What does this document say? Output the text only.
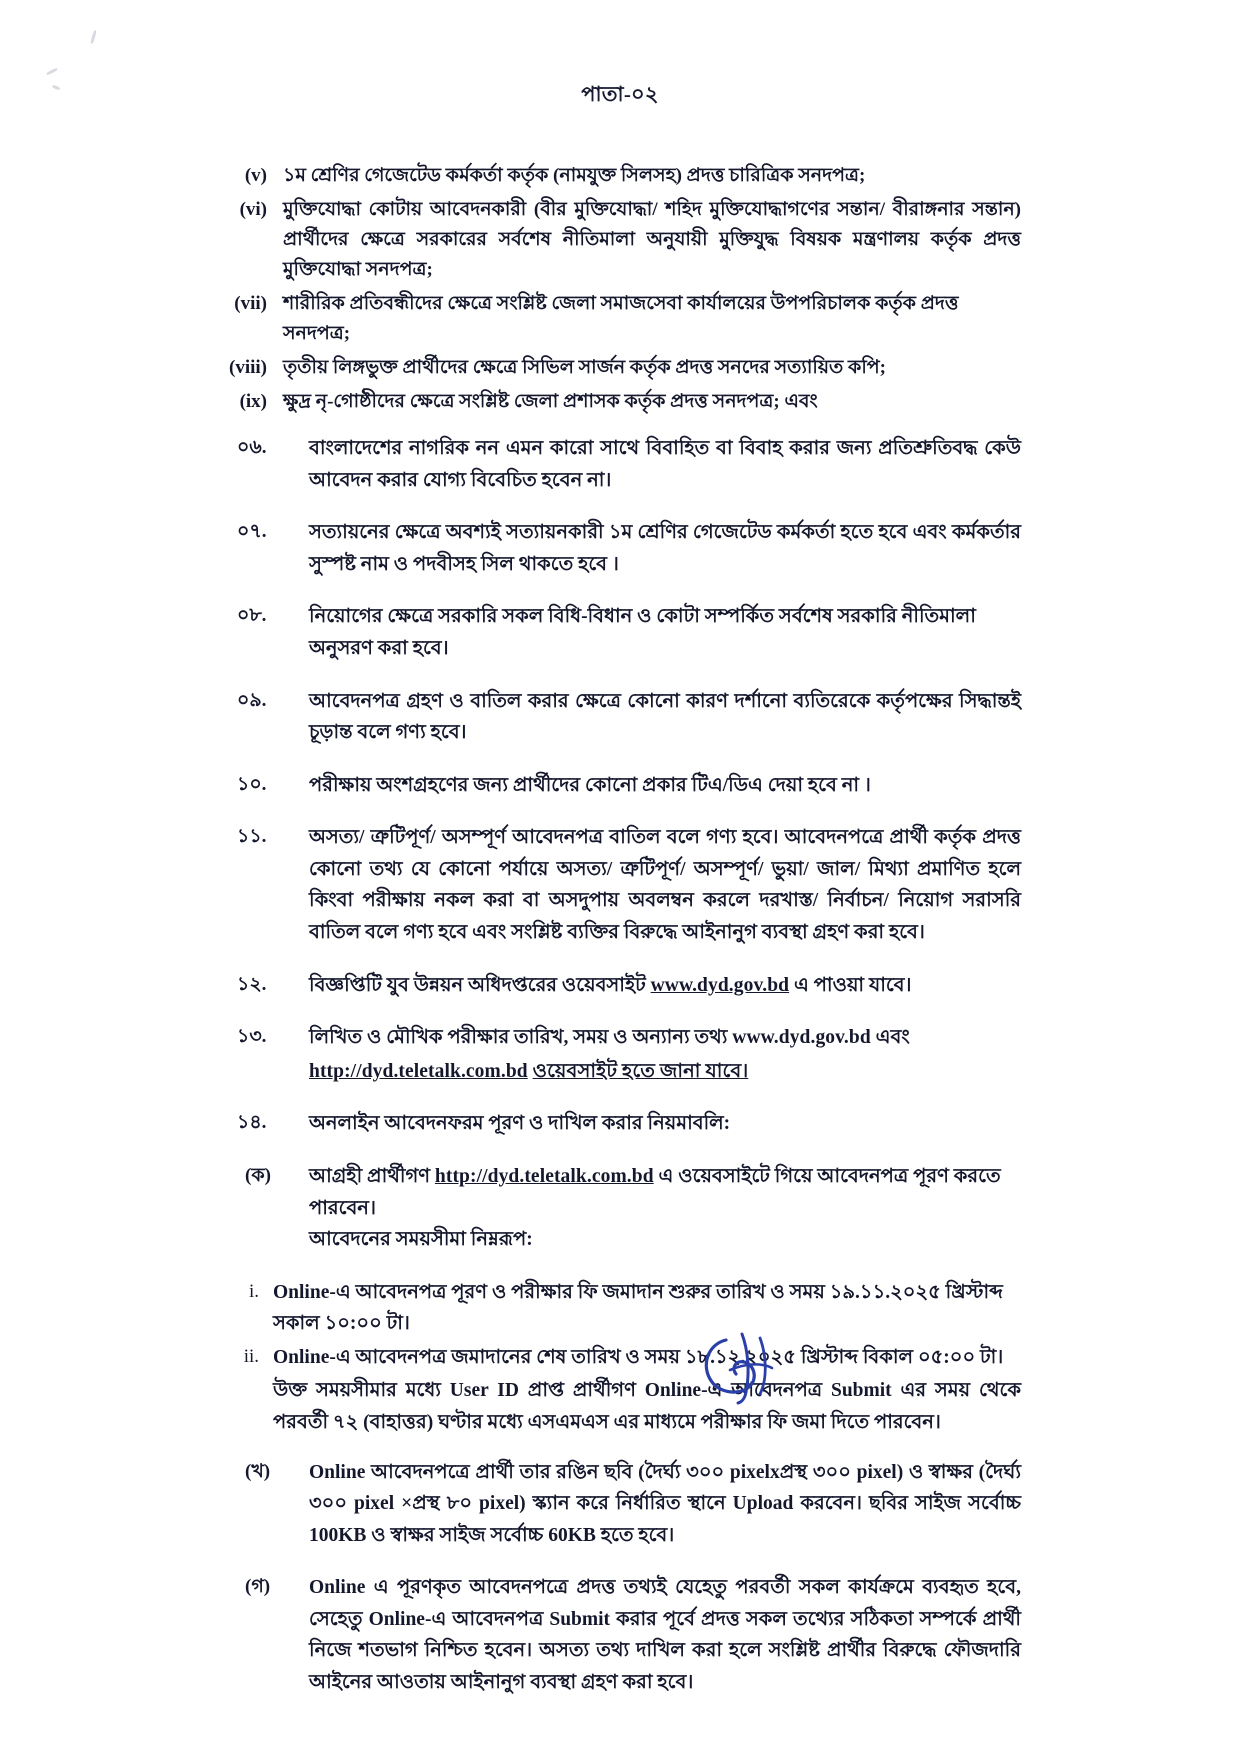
পাতা-০২
(v) ১ম শ্রেণির গেজেটেড কর্মকর্তা কর্তৃক (নামযুক্ত সিলসহ) প্রদত্ত চারিত্রিক সনদপত্র;
(vi) মুক্তিযোদ্ধা কোটায় আবেদনকারী (বীর মুক্তিযোদ্ধা/ শহিদ মুক্তিযোদ্ধাগণের সন্তান/ বীরাঙ্গনার সন্তান) প্রার্থীদের ক্ষেত্রে সরকারের সর্বশেষ নীতিমালা অনুযায়ী মুক্তিযুদ্ধ বিষয়ক মন্ত্রণালয় কর্তৃক প্রদত্ত মুক্তিযোদ্ধা সনদপত্র;
(vii) শারীরিক প্রতিবন্ধীদের ক্ষেত্রে সংশ্লিষ্ট জেলা সমাজসেবা কার্যালয়ের উপপরিচালক কর্তৃক প্রদত্ত সনদপত্র;
(viii) তৃতীয় লিঙ্গভুক্ত প্রার্থীদের ক্ষেত্রে সিভিল সার্জন কর্তৃক প্রদত্ত সনদের সত্যায়িত কপি;
(ix) ক্ষুদ্র নৃ-গোষ্ঠীদের ক্ষেত্রে সংশ্লিষ্ট জেলা প্রশাসক কর্তৃক প্রদত্ত সনদপত্র; এবং
০৬.	বাংলাদেশের নাগরিক নন এমন কারো সাথে বিবাহিত বা বিবাহ করার জন্য প্রতিশ্রুতিবদ্ধ কেউ আবেদন করার যোগ্য বিবেচিত হবেন না।
০৭.	সত্যায়নের ক্ষেত্রে অবশ্যই সত্যায়নকারী ১ম শ্রেণির গেজেটেড কর্মকর্তা হতে হবে এবং কর্মকর্তার সুস্পষ্ট নাম ও পদবীসহ সিল থাকতে হবে ।
০৮.	নিয়োগের ক্ষেত্রে সরকারি সকল বিধি-বিধান ও কোটা সম্পর্কিত সর্বশেষ সরকারি নীতিমালা অনুসরণ করা হবে।
০৯.	আবেদনপত্র গ্রহণ ও বাতিল করার ক্ষেত্রে কোনো কারণ দর্শানো ব্যতিরেকে কর্তৃপক্ষের সিদ্ধান্তই চূড়ান্ত বলে গণ্য হবে।
১০.	পরীক্ষায় অংশগ্রহণের জন্য প্রার্থীদের কোনো প্রকার টিএ/ডিএ দেয়া হবে না ।
১১.	অসত্য/ ত্রুটিপূর্ণ/ অসম্পূর্ণ আবেদনপত্র বাতিল বলে গণ্য হবে। আবেদনপত্রে প্রার্থী কর্তৃক প্রদত্ত কোনো তথ্য যে কোনো পর্যায়ে অসত্য/ ত্রুটিপূর্ণ/ অসম্পূর্ণ/ ভুয়া/ জাল/ মিথ্যা প্রমাণিত হলে কিংবা পরীক্ষায় নকল করা বা অসদুপায় অবলম্বন করলে দরখাস্ত/ নির্বাচন/ নিয়োগ সরাসরি বাতিল বলে গণ্য হবে এবং সংশ্লিষ্ট ব্যক্তির বিরুদ্ধে আইনানুগ ব্যবস্থা গ্রহণ করা হবে।
১২.	বিজ্ঞপ্তিটি যুব উন্নয়ন অধিদপ্তরের ওয়েবসাইট www.dyd.gov.bd এ পাওয়া যাবে।
১৩.	লিখিত ও মৌখিক পরীক্ষার তারিখ, সময় ও অন্যান্য তথ্য www.dyd.gov.bd এবং
http://dyd.teletalk.com.bd ওয়েবসাইট হতে জানা যাবে।
১৪.	অনলাইন আবেদনফরম পূরণ ও দাখিল করার নিয়মাবলি:
(ক)	আগ্রহী প্রার্থীগণ http://dyd.teletalk.com.bd এ ওয়েবসাইটে গিয়ে আবেদনপত্র পূরণ করতে পারবেন।
আবেদনের সময়সীমা নিম্নরূপ:
i. Online-এ আবেদনপত্র পূরণ ও পরীক্ষার ফি জমাদান শুরুর তারিখ ও সময় ১৯.১১.২০২৫ খ্রিস্টাব্দ সকাল ১০:০০ টা।
ii. Online-এ আবেদনপত্র জমাদানের শেষ তারিখ ও সময় ১৮.১২.২০২৫ খ্রিস্টাব্দ বিকাল ০৫:০০ টা।
উক্ত সময়সীমার মধ্যে User ID প্রাপ্ত প্রার্থীগণ Online-এ আবেদনপত্র Submit এর সময় থেকে পরবর্তী ৭২ (বাহাত্তর) ঘণ্টার মধ্যে এসএমএস এর মাধ্যমে পরীক্ষার ফি জমা দিতে পারবেন।
(খ)	Online আবেদনপত্রে প্রার্থী তার রঙিন ছবি (দৈর্ঘ্য ৩০০ pixelxপ্রস্থ ৩০০ pixel) ও স্বাক্ষর (দৈর্ঘ্য ৩০০ pixel ×প্রস্থ ৮০ pixel) স্ক্যান করে নির্ধারিত স্থানে Upload করবেন। ছবির সাইজ সর্বোচ্চ 100KB ও স্বাক্ষর সাইজ সর্বোচ্চ 60KB হতে হবে।
(গ)	Online এ পূরণকৃত আবেদনপত্রে প্রদত্ত তথ্যই যেহেতু পরবর্তী সকল কার্যক্রমে ব্যবহৃত হবে, সেহেতু Online-এ আবেদনপত্র Submit করার পূর্বে প্রদত্ত সকল তথ্যের সঠিকতা সম্পর্কে প্রার্থী নিজে শতভাগ নিশ্চিত হবেন। অসত্য তথ্য দাখিল করা হলে সংশ্লিষ্ট প্রার্থীর বিরুদ্ধে ফৌজদারি আইনের আওতায় আইনানুগ ব্যবস্থা গ্রহণ করা হবে।
